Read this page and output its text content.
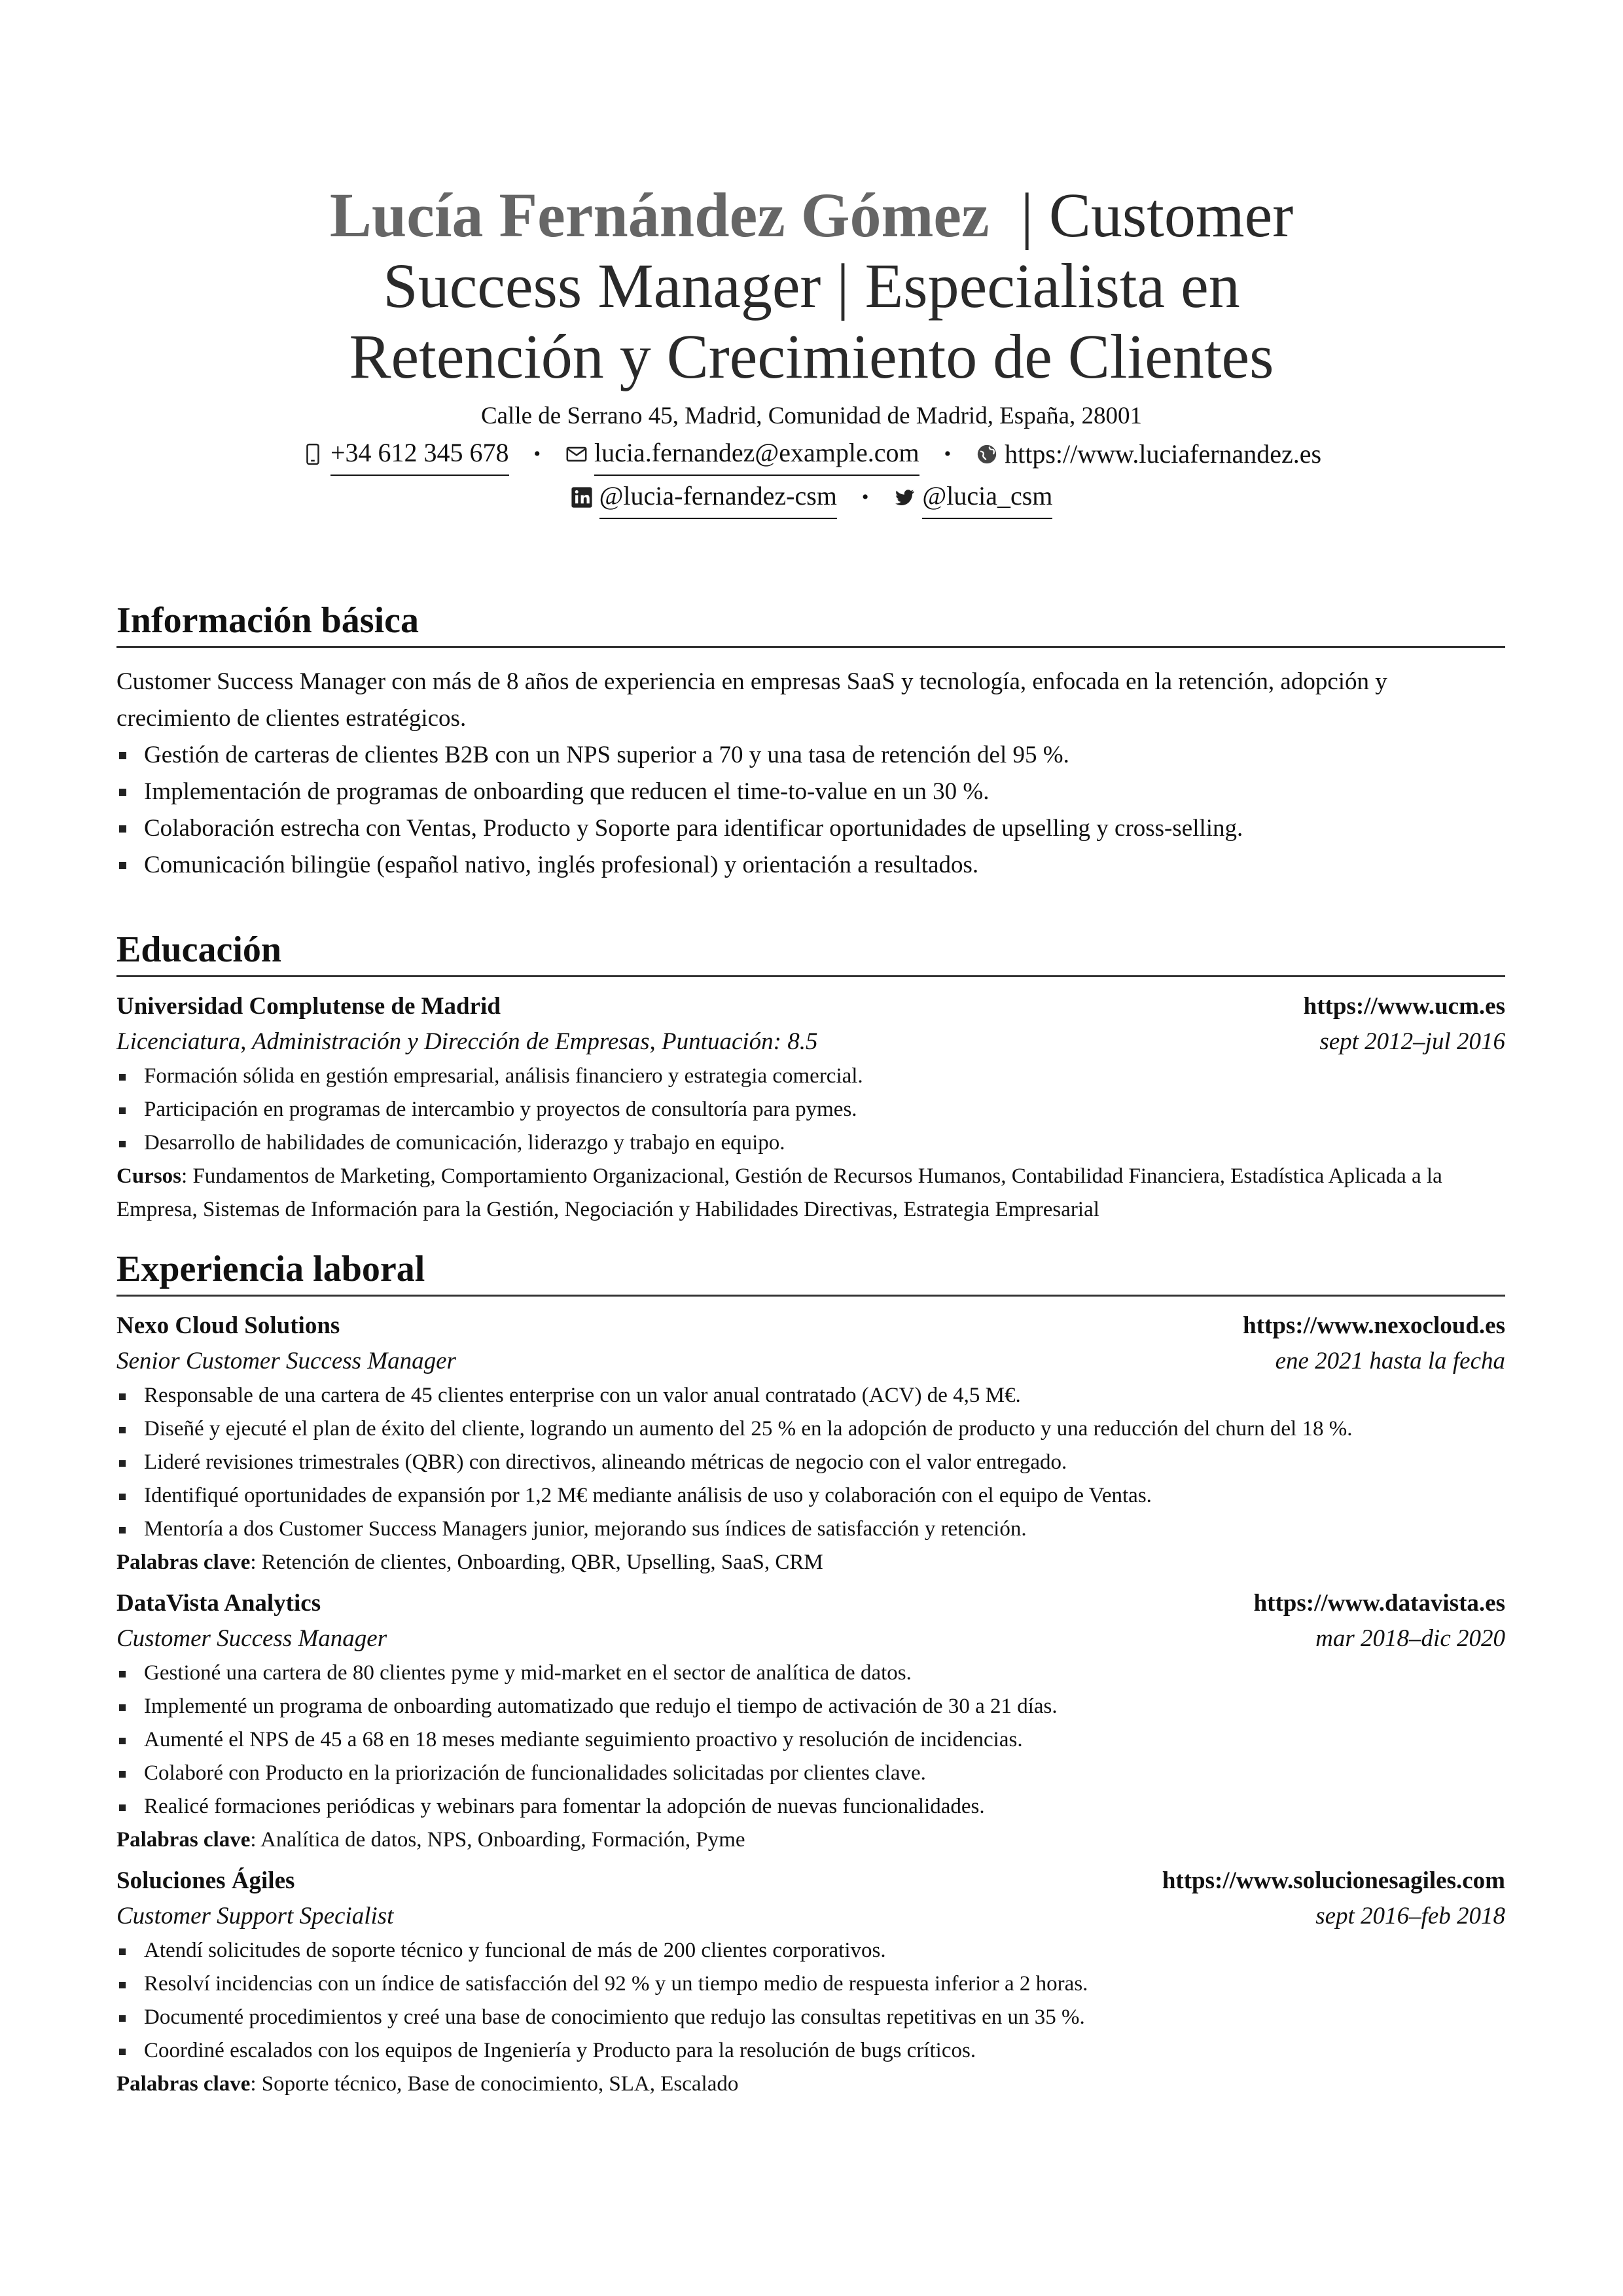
Lucía Fernández Gómez | Customer Success Manager | Especialista en Retención y Crecimiento de Clientes
Calle de Serrano 45, Madrid, Comunidad de Madrid, España, 28001
+34 612 345 678 • lucia.fernandez@example.com • https://www.luciafernandez.es
@lucia-fernandez-csm • @lucia_csm
Información básica

Customer Success Manager con más de 8 años de experiencia en empresas SaaS y tecnología, enfocada en la retención, adopción y crecimiento de clientes estratégicos.

Gestión de carteras de clientes B2B con un NPS superior a 70 y una tasa de retención del 95 %.
Implementación de programas de onboarding que reducen el time-to-value en un 30 %.
Colaboración estrecha con Ventas, Producto y Soporte para identificar oportunidades de upselling y cross-selling.
Comunicación bilingüe (español nativo, inglés profesional) y orientación a resultados.
Educación
Universidad Complutense de Madrid	https://www.ucm.es
Licenciatura, Administración y Dirección de Empresas, Puntuación: 8.5	sept 2012–jul 2016
Formación sólida en gestión empresarial, análisis financiero y estrategia comercial.
Participación en programas de intercambio y proyectos de consultoría para pymes.
Desarrollo de habilidades de comunicación, liderazgo y trabajo en equipo.
Cursos: Fundamentos de Marketing, Comportamiento Organizacional, Gestión de Recursos Humanos, Contabilidad Financiera, Estadística Aplicada a la Empresa, Sistemas de Información para la Gestión, Negociación y Habilidades Directivas, Estrategia Empresarial
Experiencia laboral
Nexo Cloud Solutions	https://www.nexocloud.es
Senior Customer Success Manager	ene 2021 hasta la fecha
Responsable de una cartera de 45 clientes enterprise con un valor anual contratado (ACV) de 4,5 M€.
Diseñé y ejecuté el plan de éxito del cliente, logrando un aumento del 25 % en la adopción de producto y una reducción del churn del 18 %.
Lideré revisiones trimestrales (QBR) con directivos, alineando métricas de negocio con el valor entregado.
Identifiqué oportunidades de expansión por 1,2 M€ mediante análisis de uso y colaboración con el equipo de Ventas.
Mentoría a dos Customer Success Managers junior, mejorando sus índices de satisfacción y retención.
Palabras clave: Retención de clientes, Onboarding, QBR, Upselling, SaaS, CRM
DataVista Analytics	https://www.datavista.es
Customer Success Manager	mar 2018–dic 2020
Gestioné una cartera de 80 clientes pyme y mid-market en el sector de analítica de datos.
Implementé un programa de onboarding automatizado que redujo el tiempo de activación de 30 a 21 días.
Aumenté el NPS de 45 a 68 en 18 meses mediante seguimiento proactivo y resolución de incidencias.
Colaboré con Producto en la priorización de funcionalidades solicitadas por clientes clave.
Realicé formaciones periódicas y webinars para fomentar la adopción de nuevas funcionalidades.
Palabras clave: Analítica de datos, NPS, Onboarding, Formación, Pyme
Soluciones Ágiles	https://www.solucionesagiles.com
Customer Support Specialist	sept 2016–feb 2018
Atendí solicitudes de soporte técnico y funcional de más de 200 clientes corporativos.
Resolví incidencias con un índice de satisfacción del 92 % y un tiempo medio de respuesta inferior a 2 horas.
Documenté procedimientos y creé una base de conocimiento que redujo las consultas repetitivas en un 35 %.
Coordiné escalados con los equipos de Ingeniería y Producto para la resolución de bugs críticos.
Palabras clave: Soporte técnico, Base de conocimiento, SLA, Escalado
